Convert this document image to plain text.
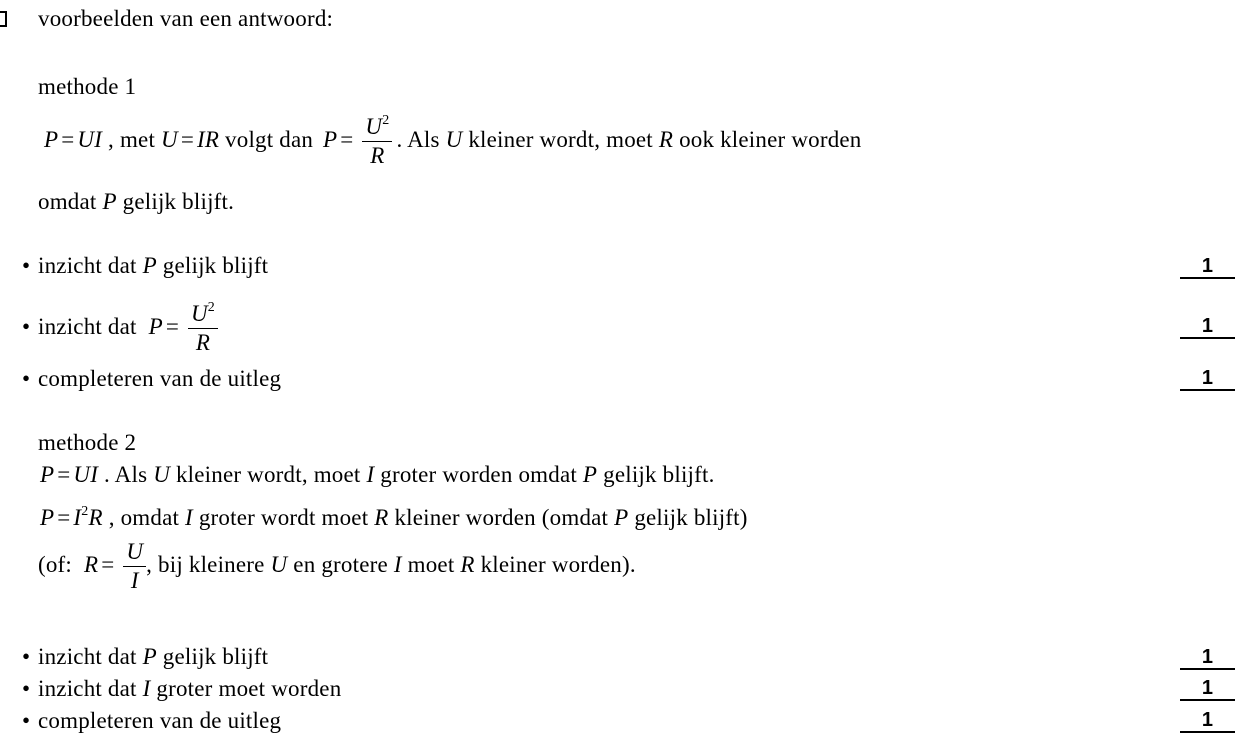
voorbeelden van een antwoord:
methode 1
P = UI , met U = IR volgt dan $P = \frac{U^2}{R}$ . Als U kleiner wordt, moet R ook kleiner worden
omdat P gelijk blijft.
• inzicht dat P gelijk blijft	1
• inzicht dat $P = \frac{U^2}{R}$	1
• completeren van de uitleg	1
methode 2
P = UI . Als U kleiner wordt, moet I groter worden omdat P gelijk blijft.
$P = I^2R$ , omdat I groter wordt moet R kleiner worden (omdat P gelijk blijft)
(of: $R = \frac{U}{I}$ , bij kleinere U en grotere I moet R kleiner worden).
• inzicht dat P gelijk blijft	1
• inzicht dat I groter moet worden	1
• completeren van de uitleg	1
